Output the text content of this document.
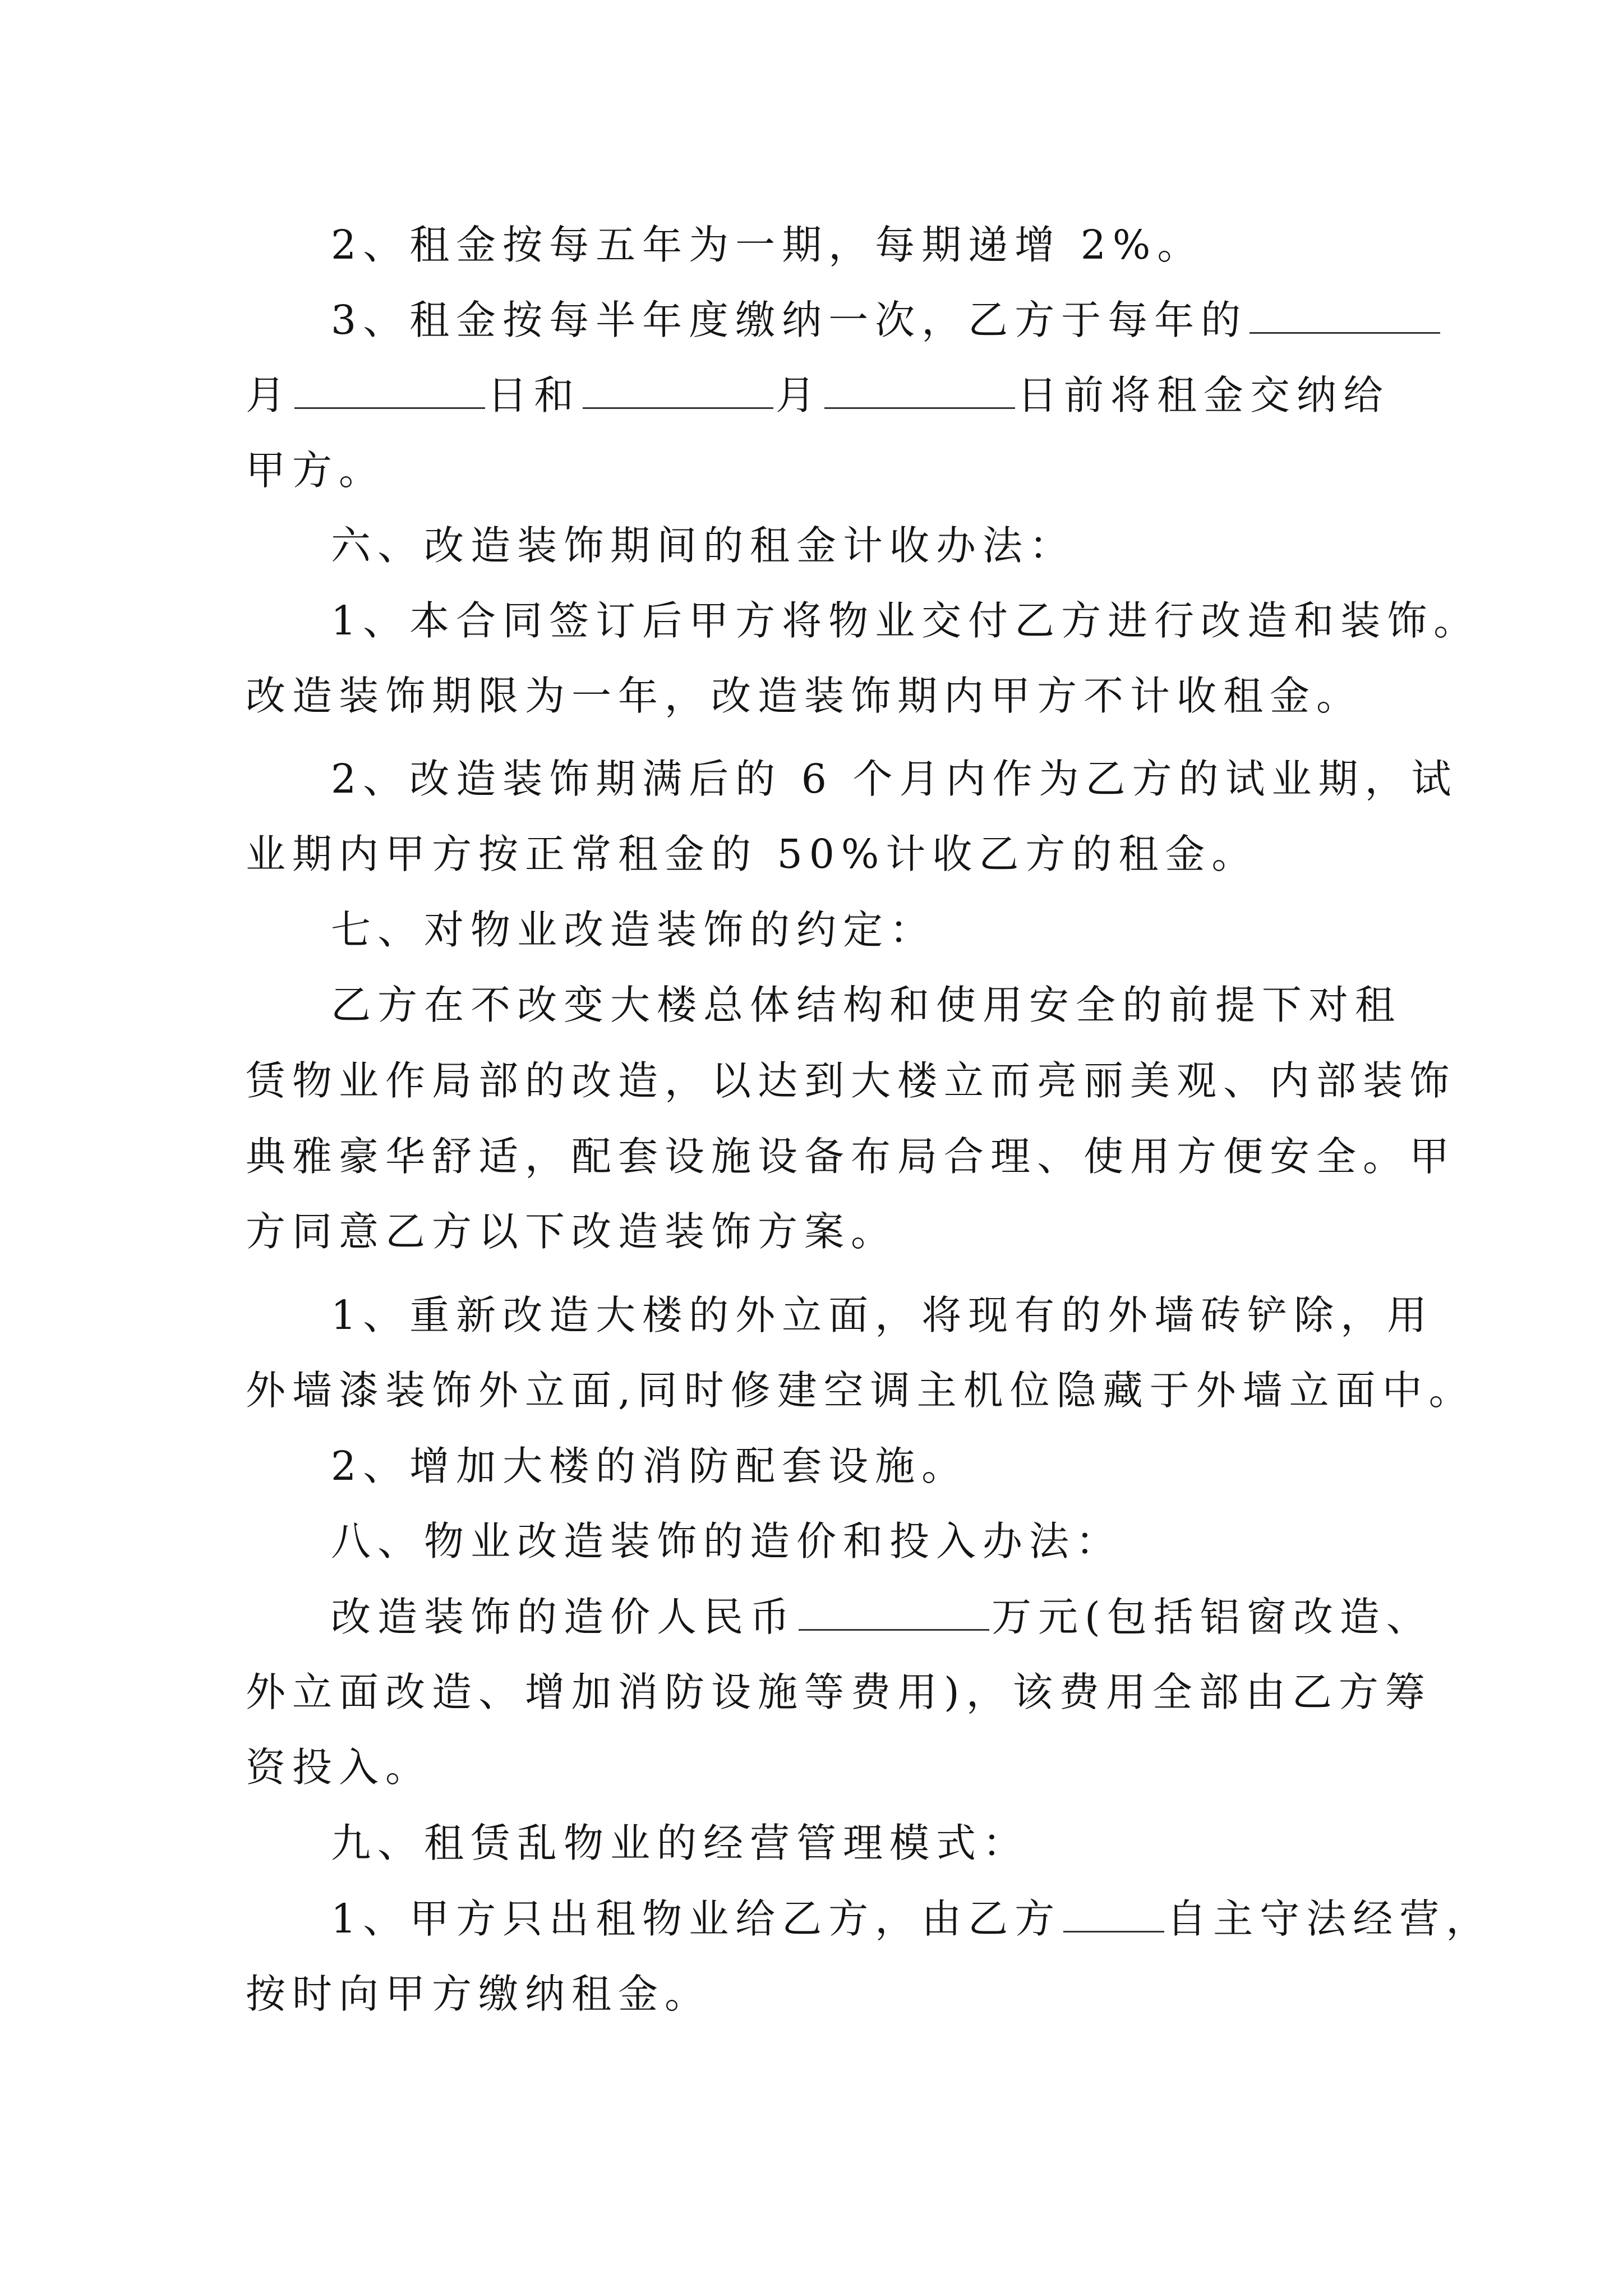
2、租金按每五年为一期，每期递增 2%。
3、租金按每半年度缴纳一次，乙方于每年的
月	日和	月	日前将租金交纳给
甲方。
六、改造装饰期间的租金计收办法：
1、本合同签订后甲方将物业交付乙方进行改造和装饰。
改造装饰期限为一年，改造装饰期内甲方不计收租金。
2、改造装饰期满后的 6 个月内作为乙方的试业期，试
业期内甲方按正常租金的 50%计收乙方的租金。
七、对物业改造装饰的约定：
乙方在不改变大楼总体结构和使用安全的前提下对租
赁物业作局部的改造，以达到大楼立而亮丽美观、内部装饰
典雅豪华舒适，配套设施设备布局合理、使用方便安全。甲
方同意乙方以下改造装饰方案。
1、重新改造大楼的外立面，将现有的外墙砖铲除，用
外墙漆装饰外立面,同时修建空调主机位隐藏于外墙立面中。
2、增加大楼的消防配套设施。
八、物业改造装饰的造价和投入办法：
改造装饰的造价人民币	万元(包括铝窗改造、
外立面改造、增加消防设施等费用)，该费用全部由乙方筹
资投入。
九、租赁乱物业的经营管理模式：
1、甲方只出租物业给乙方，由乙方	自主守法经营，
按时向甲方缴纳租金。
